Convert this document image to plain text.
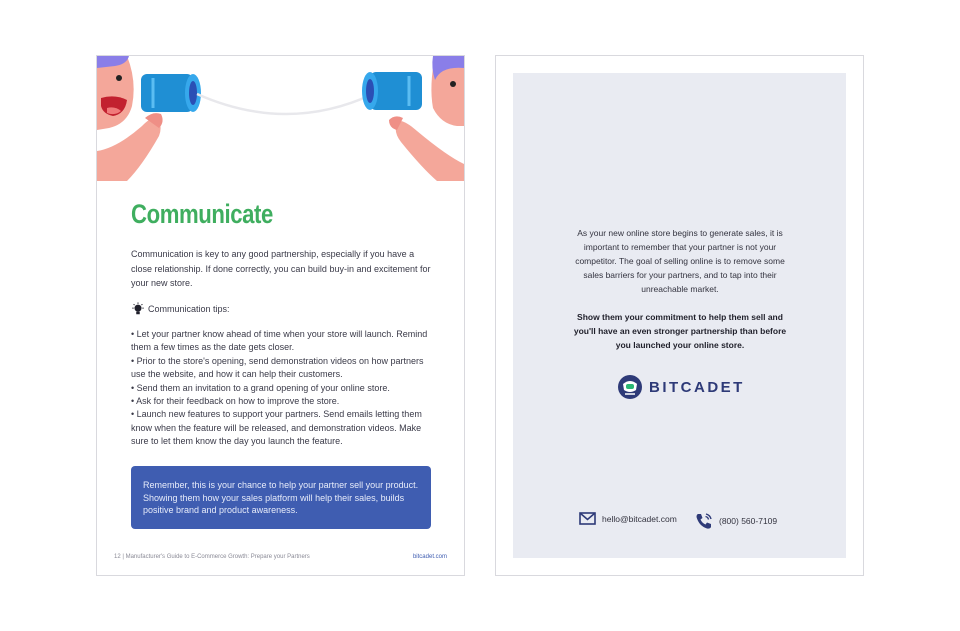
Communicate

Communication is key to any good partnership, especially if you have a close relationship. If done correctly, you can build buy-in and excitement for your new store.

Communication tips:
• Let your partner know ahead of time when your store will launch. Remind them a few times as the date gets closer.
• Prior to the store's opening, send demonstration videos on how partners use the website, and how it can help their customers.
• Send them an invitation to a grand opening of your online store.
• Ask for their feedback on how to improve the store.
• Launch new features to support your partners. Send emails letting them know when the feature will be released, and demonstration videos. Make sure to let them know the day you launch the feature.
Remember, this is your chance to help your partner sell your product. Showing them how your sales platform will help their sales, builds positive brand and product awareness.
12 | Manufacturer's Guide to E-Commerce Growth: Prepare your Partners	bitcadet.com

As your new online store begins to generate sales, it is important to remember that your partner is not your competitor. The goal of selling online is to remove some sales barriers for your partners, and to tap into their unreachable market.

Show them your commitment to help them sell and you'll have an even stronger partnership than before you launched your online store.

BITCADET
hello@bitcadet.com	(800) 560-7109
